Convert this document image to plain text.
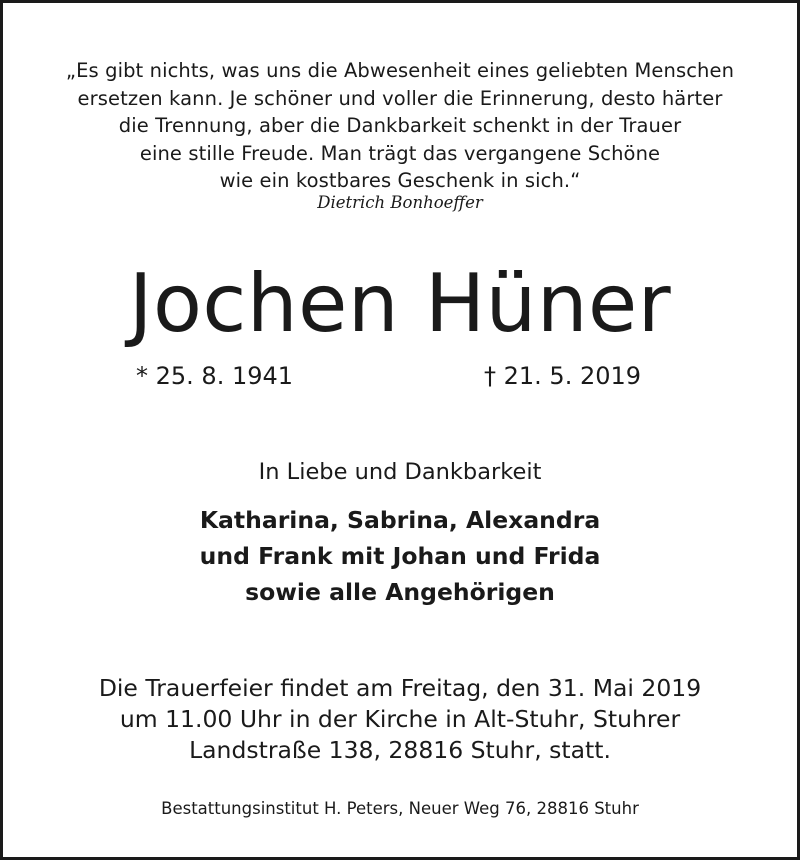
„Es gibt nichts, was uns die Abwesenheit eines geliebten Menschen
ersetzen kann. Je schöner und voller die Erinnerung, desto härter
die Trennung, aber die Dankbarkeit schenkt in der Trauer
eine stille Freude. Man trägt das vergangene Schöne
wie ein kostbares Geschenk in sich.“
Dietrich Bonhoeffer
Jochen Hüner
* 25. 8. 1941	† 21. 5. 2019
In Liebe und Dankbarkeit
Katharina, Sabrina, Alexandra
und Frank mit Johan und Frida
sowie alle Angehörigen
Die Trauerfeier findet am Freitag, den 31. Mai 2019
um 11.00 Uhr in der Kirche in Alt-Stuhr, Stuhrer
Landstraße 138, 28816 Stuhr, statt.
Bestattungsinstitut H. Peters, Neuer Weg 76, 28816 Stuhr
